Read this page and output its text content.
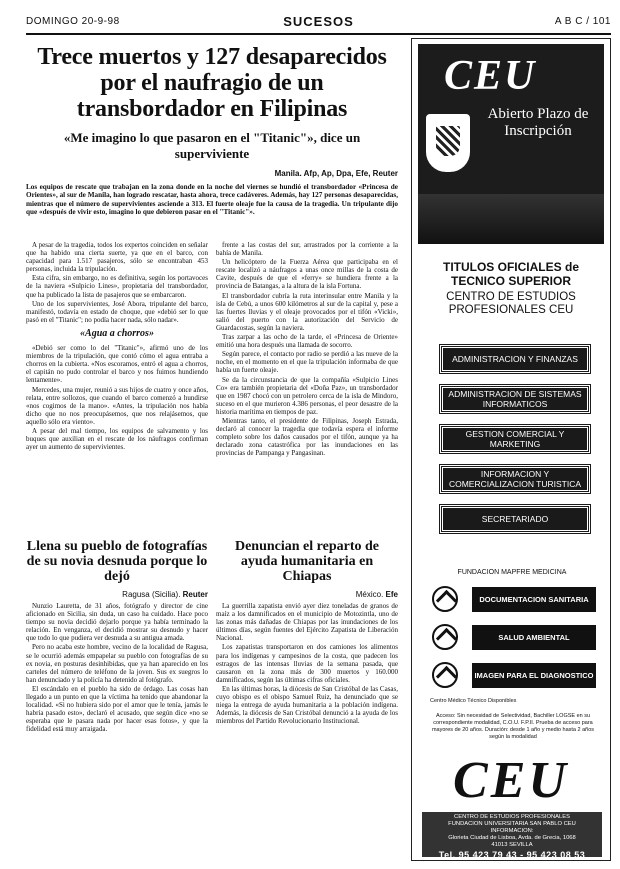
DOMINGO 20-9-98	SUCESOS	A B C / 101
Trece muertos y 127 desaparecidos por el naufragio de un transbordador en Filipinas
«Me imagino lo que pasaron en el "Titanic"», dice un superviviente
Manila. Afp, Ap, Dpa, Efe, Reuter
Los equipos de rescate que trabajan en la zona donde en la noche del viernes se hundió el transbordador «Princesa de Orientes», al sur de Manila, han logrado rescatar, hasta ahora, trece cadáveres. Además, hay 127 personas desaparecidas, mientras que el número de supervivientes asciende a 313. El fuerte oleaje fue la causa de la tragedia. Un tripulante dijo que «después de vivir esto, imagino lo que debieron pasar en el "Titanic"».

A pesar de la tragedia, todos los expertos coinciden en señalar que ha habido una cierta suerte, ya que en el barco, con capacidad para 1.517 pasajeros, sólo se encontraban 453 personas, incluida la tripulación.

Esta cifra, sin embargo, no es definitiva, según los portavoces de la naviera «Sulpicio Lines», propietaria del transbordador, que ha publicado la lista de pasajeros que se embarcaron.

Uno de los supervivientes, José Abora, tripulante del barco, manifestó, todavía en estado de choque, que «debió ser lo que pasó en el "Titanic"; no podía hacer nada, sólo nadar».

«Agua a chorros»

«Debió ser como lo del "Titanic"», afirmó uno de los miembros de la tripulación, que contó cómo el agua entraba a chorros en la cubierta. «Nos escoramos, entró el agua a chorros, el capitán no pudo controlar el barco y nos fuimos hundiendo lentamente».

Mercedes, una mujer, reunió a sus hijos de cuatro y once años, relata, entre sollozos, que cuando el barco comenzó a hundirse «nos cogimos de la mano». «Antes, la tripulación nos había dicho que no nos preocupásemos, que nos relajásemos, que aquello sólo era viento».

A pesar del mal tiempo, los equipos de salvamento y los buques que auxilian en el rescate de los náufragos confirman ayer un aumento de supervivientes.

frente a las costas del sur, arrastrados por la corriente a la bahía de Manila.

Un helicóptero de la Fuerza Aérea que participaba en el rescate localizó a náufragos a unas once millas de la costa de Cavite, después de que el «ferry» se hundiera frente a la provincia de Batangas, a la altura de la isla Fortuna.

El transbordador cubría la ruta interinsular entre Manila y la isla de Cebú, a unos 600 kilómetros al sur de la capital y, pese a las fuertes lluvias y el oleaje provocados por el tifón «Vicki», salió del puerto con la autorización del Servicio de Guardacostas, según la naviera.

Tras zarpar a las ocho de la tarde, el «Princesa de Oriente» emitió una hora después una llamada de socorro.

Según parece, el contacto por radio se perdió a las nueve de la noche, en el momento en el que la tripulación informaba de que había un fuerte oleaje.

Se da la circunstancia de que la compañía «Sulpicio Lines Co» era también propietaria del «Doña Paz», un transbordador que en 1987 chocó con un petrolero cerca de la isla de Mindoro, suceso en el que murieron 4.386 personas, el peor desastre de la historia marítima en tiempos de paz.

Mientras tanto, el presidente de Filipinas, Joseph Estrada, declaró al conocer la tragedia que todavía espera el informe completo sobre los daños causados por el tifón, aunque ya ha declarado zona catastrófica por las inundaciones en las provincias de Pampanga y Pangasinan.

Llena su pueblo de fotografías de su novia desnuda porque lo dejó
Ragusa (Sicilia). Reuter

Nunzio Lauretta, de 31 años, fotógrafo y director de cine aficionado en Sicilia, sin duda, un caso ha cuidado. Hace poco tiempo su novia decidió dejarlo porque ya había terminado la relación. En venganza, el decidió mostrar su desnudo y hacer que todo lo que pudiera ver desnuda a su antigua amada.

Pero no acaba este hombre, vecino de la localidad de Ragusa, se le ocurrió además empapelar su pueblo con fotografías de su ex novia, en posturas desinhibidas, que ya han aparecido en los carteles del número de teléfono de la joven. Sus ex suegros lo han denunciado y la policía ha detenido al fotógrafo.

El escándalo en el pueblo ha sido de órdago. Las cosas han llegado a un punto en que la víctima ha tenido que abandonar la localidad. «Si no hubiera sido por el amor que le tenía, jamás le habría pasado esto», declaró el acusado, que según dice «no se esperaba que le pasara nada por hacer esas fotos», y que la fidelidad está muy arraigada.

Denuncian el reparto de ayuda humanitaria en Chiapas
México. Efe

La guerrilla zapatista envió ayer diez toneladas de granos de maíz a los damnificados en el municipio de Motozintla, uno de las zonas más dañadas de Chiapas por las inundaciones de los últimos días, según fuentes del Ejército Zapatista de Liberación Nacional.

Los zapatistas transportaron en dos camiones los alimentos para los indígenas y campesinos de la costa, que padecen los estragos de las intensas lluvias de la semana pasada, que causaron en la zona más de 300 muertos y 160.000 damnificados, según las últimas cifras oficiales.

En las últimas horas, la diócesis de San Cristóbal de las Casas, cuyo obispo es el obispo Samuel Ruiz, ha denunciado que se niega la entrega de ayuda humanitaria a la población indígena. Además, la diócesis de San Cristóbal denunció a la ayuda de los miembros del Partido Revolucionario Institucional.

CEU
Abierto Plazo de Inscripción
TITULOS OFICIALES de TECNICO SUPERIOR
CENTRO DE ESTUDIOS PROFESIONALES CEU
ADMINISTRACION Y FINANZAS
ADMINISTRACION DE SISTEMAS INFORMATICOS
GESTION COMERCIAL Y MARKETING
INFORMACION Y COMERCIALIZACION TURISTICA
SECRETARIADO
FUNDACION MAPFRE MEDICINA
DOCUMENTACION SANITARIA
SALUD AMBIENTAL
IMAGEN PARA EL DIAGNOSTICO
Centro Médico Técnico Disponibles
Acceso: Sin necesidad de Selectividad, Bachiller LOGSE en su correspondiente modalidad, C.O.U. F.P.II. Prueba de acceso para mayores de 20 años. Duración: desde 1 año y medio hasta 2 años según la modalidad
CEU
CENTRO DE ESTUDIOS PROFESIONALES
FUNDACION UNIVERSITARIA SAN PABLO CEU
INFORMACION:
Glorieta Ciudad de Lisboa, Avda. de Grecia, 1068
41013 SEVILLA
Tel. 95 423 79 43 - 95 423 08 53
